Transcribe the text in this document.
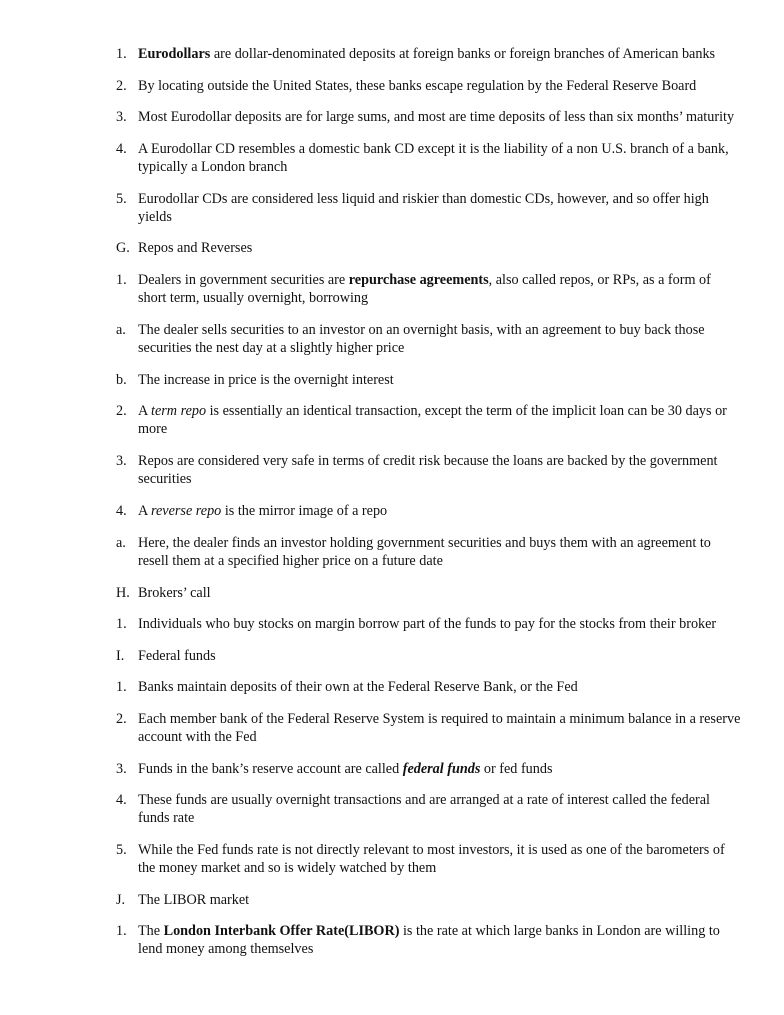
1. Eurodollars are dollar-denominated deposits at foreign banks or foreign branches of American banks
2. By locating outside the United States, these banks escape regulation by the Federal Reserve Board
3. Most Eurodollar deposits are for large sums, and most are time deposits of less than six months’ maturity
4. A Eurodollar CD resembles a domestic bank CD except it is the liability of a non U.S. branch of a bank, typically a London branch
5. Eurodollar CDs are considered less liquid and riskier than domestic CDs, however, and so offer high yields
G. Repos and Reverses
1. Dealers in government securities are repurchase agreements, also called repos, or RPs, as a form of short term, usually overnight, borrowing
a. The dealer sells securities to an investor on an overnight basis, with an agreement to buy back those securities the nest day at a slightly higher price
b. The increase in price is the overnight interest
2. A term repo is essentially an identical transaction, except the term of the implicit loan can be 30 days or more
3. Repos are considered very safe in terms of credit risk because the loans are backed by the government securities
4. A reverse repo is the mirror image of a repo
a. Here, the dealer finds an investor holding government securities and buys them with an agreement to resell them at a specified higher price on a future date
H. Brokers’ call
1. Individuals who buy stocks on margin borrow part of the funds to pay for the stocks from their broker
I. Federal funds
1. Banks maintain deposits of their own at the Federal Reserve Bank, or the Fed
2. Each member bank of the Federal Reserve System is required to maintain a minimum balance in a reserve account with the Fed
3. Funds in the bank’s reserve account are called federal funds or fed funds
4. These funds are usually overnight transactions and are arranged at a rate of interest called the federal funds rate
5. While the Fed funds rate is not directly relevant to most investors, it is used as one of the barometers of the money market and so is widely watched by them
J. The LIBOR market
1. The London Interbank Offer Rate(LIBOR) is the rate at which large banks in London are willing to lend money among themselves
